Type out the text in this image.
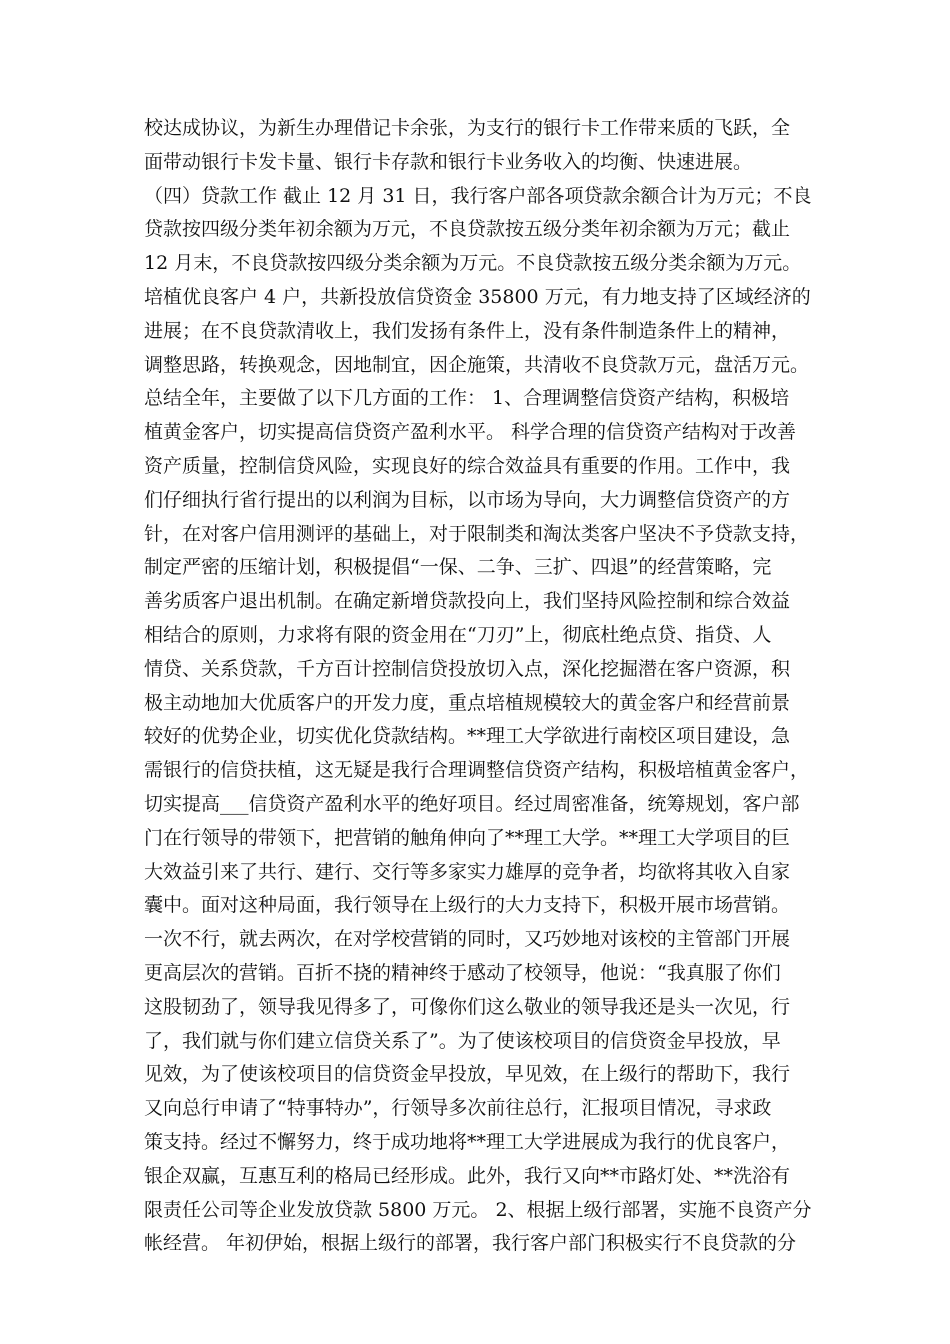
校达成协议，为新生办理借记卡余张，为支行的银行卡工作带来质的飞跃，全
面带动银行卡发卡量、银行卡存款和银行卡业务收入的均衡、快速进展。
（四）贷款工作 截止 12 月 31 日，我行客户部各项贷款余额合计为万元；不良
贷款按四级分类年初余额为万元，不良贷款按五级分类年初余额为万元；截止
12 月末，不良贷款按四级分类余额为万元。不良贷款按五级分类余额为万元。
培植优良客户 4 户，共新投放信贷资金 35800 万元，有力地支持了区域经济的
进展；在不良贷款清收上，我们发扬有条件上，没有条件制造条件上的精神，
调整思路，转换观念，因地制宜，因企施策，共清收不良贷款万元，盘活万元。
总结全年，主要做了以下几方面的工作： 1、合理调整信贷资产结构，积极培
植黄金客户，切实提高信贷资产盈利水平。 科学合理的信贷资产结构对于改善
资产质量，控制信贷风险，实现良好的综合效益具有重要的作用。工作中，我
们仔细执行省行提出的以利润为目标，以市场为导向，大力调整信贷资产的方
针，在对客户信用测评的基础上，对于限制类和淘汰类客户坚决不予贷款支持，
制定严密的压缩计划，积极提倡“一保、二争、三扩、四退”的经营策略，完
善劣质客户退出机制。在确定新增贷款投向上，我们坚持风险控制和综合效益
相结合的原则，力求将有限的资金用在“刀刃”上，彻底杜绝点贷、指贷、人
情贷、关系贷款，千方百计控制信贷投放切入点，深化挖掘潜在客户资源，积
极主动地加大优质客户的开发力度，重点培植规模较大的黄金客户和经营前景
较好的优势企业，切实优化贷款结构。**理工大学欲进行南校区项目建设，急
需银行的信贷扶植，这无疑是我行合理调整信贷资产结构，积极培植黄金客户，
切实提高___信贷资产盈利水平的绝好项目。经过周密准备，统筹规划，客户部
门在行领导的带领下，把营销的触角伸向了**理工大学。**理工大学项目的巨
大效益引来了共行、建行、交行等多家实力雄厚的竞争者，均欲将其收入自家
囊中。面对这种局面，我行领导在上级行的大力支持下，积极开展市场营销。
一次不行，就去两次，在对学校营销的同时，又巧妙地对该校的主管部门开展
更高层次的营销。百折不挠的精神终于感动了校领导，他说：“我真服了你们
这股韧劲了，领导我见得多了，可像你们这么敬业的领导我还是头一次见，行
了，我们就与你们建立信贷关系了”。为了使该校项目的信贷资金早投放，早
见效，为了使该校项目的信贷资金早投放，早见效，在上级行的帮助下，我行
又向总行申请了“特事特办”，行领导多次前往总行，汇报项目情况，寻求政
策支持。经过不懈努力，终于成功地将**理工大学进展成为我行的优良客户，
银企双赢，互惠互利的格局已经形成。此外，我行又向**市路灯处、**洗浴有
限责任公司等企业发放贷款 5800 万元。 2、根据上级行部署，实施不良资产分
帐经营。 年初伊始，根据上级行的部署，我行客户部门积极实行不良贷款的分
